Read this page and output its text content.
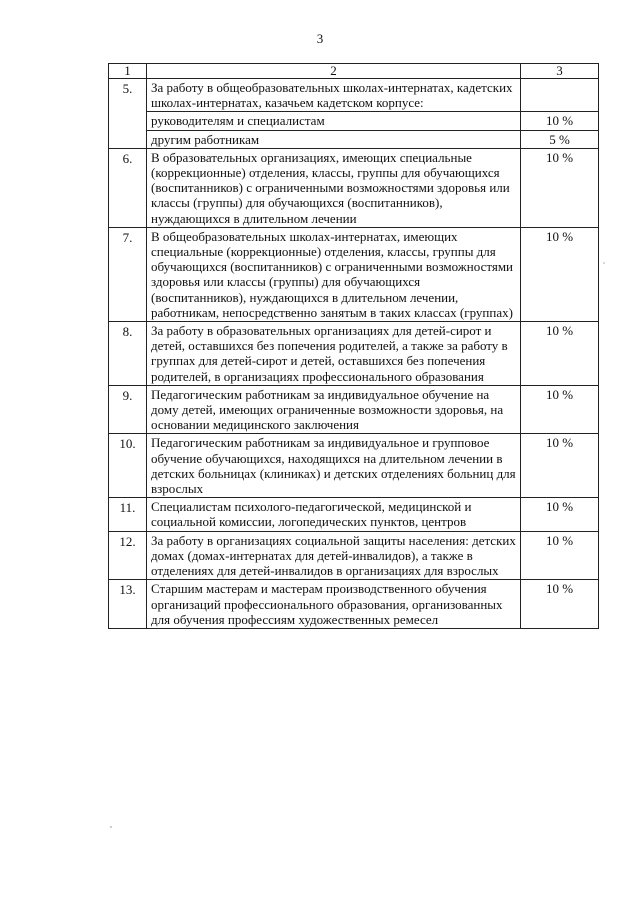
3
1	2	3
5.	За работу в общеобразовательных школах-интернатах, кадетских школах-интернатах, казачьем кадетском корпусе:	
	руководителям и специалистам	10 %
	другим работникам	5 %
6.	В образовательных организациях, имеющих специальные (коррекционные) отделения, классы, группы для обучающихся (воспитанников) с ограниченными возможностями здоровья или классы (группы) для обучающихся (воспитанников), нуждающихся в длительном лечении	10 %
7.	В общеобразовательных школах-интернатах, имеющих специальные (коррекционные) отделения, классы, группы для обучающихся (воспитанников) с ограниченными возможностями здоровья или классы (группы) для обучающихся (воспитанников), нуждающихся в длительном лечении, работникам, непосредственно занятым в таких классах (группах)	10 %
8.	За работу в образовательных организациях для детей-сирот и детей, оставшихся без попечения родителей, а также за работу в группах для детей-сирот и детей, оставшихся без попечения родителей, в организациях профессионального образования	10 %
9.	Педагогическим работникам за индивидуальное обучение на дому детей, имеющих ограниченные возможности здоровья, на основании медицинского заключения	10 %
10.	Педагогическим работникам за индивидуальное и групповое обучение обучающихся, находящихся на длительном лечении в детских больницах (клиниках) и детских отделениях больниц для взрослых	10 %
11.	Специалистам психолого-педагогической, медицинской и социальной комиссии, логопедических пунктов, центров	10 %
12.	За работу в организациях социальной защиты населения: детских домах (домах-интернатах для детей-инвалидов), а также в отделениях для детей-инвалидов в организациях для взрослых	10 %
13.	Старшим мастерам и мастерам производственного обучения организаций профессионального образования, организованных для обучения профессиям художественных ремесел	10 %
